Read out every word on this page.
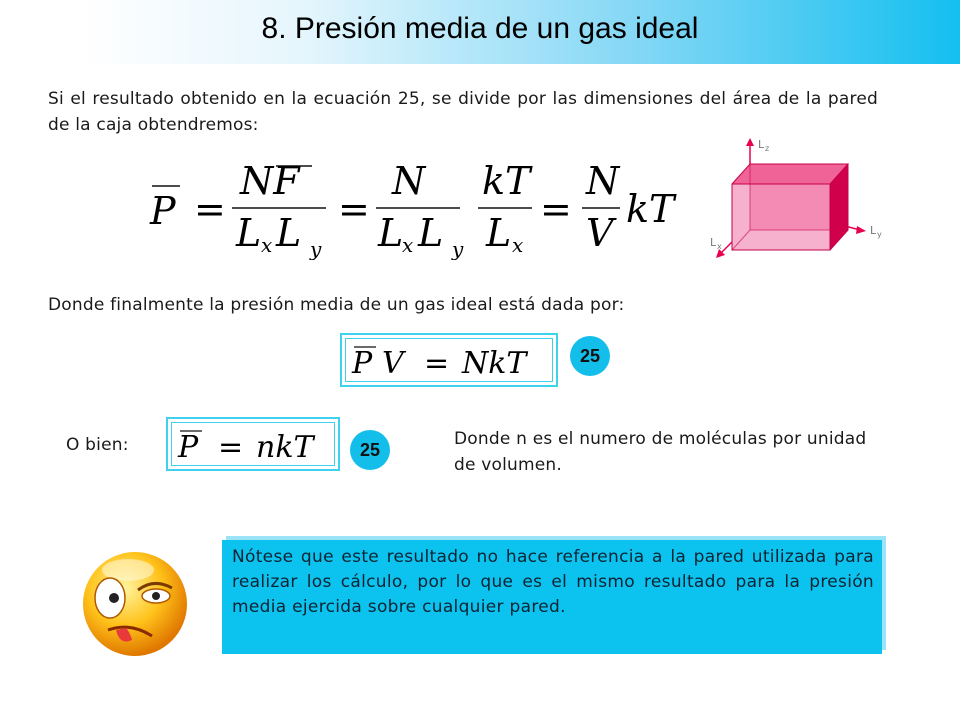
8. Presión media de un gas ideal
Si el resultado obtenido en la ecuación 25, se divide por las dimensiones del área de la pared de la caja obtendremos:
P =
NF
L x L y
=
N
L
x L y
kT
L x
=
N
V
kT
L z
L y
L x
Donde finalmente la presión media de un gas ideal está dada por:
P V = NkT	25
O bien: P = nkT	25
Donde n es el numero de moléculas por unidad de volumen.
Nótese que este resultado no hace referencia a la pared utilizada para realizar los cálculo, por lo que es el mismo resultado para la presión media ejercida sobre cualquier pared.
